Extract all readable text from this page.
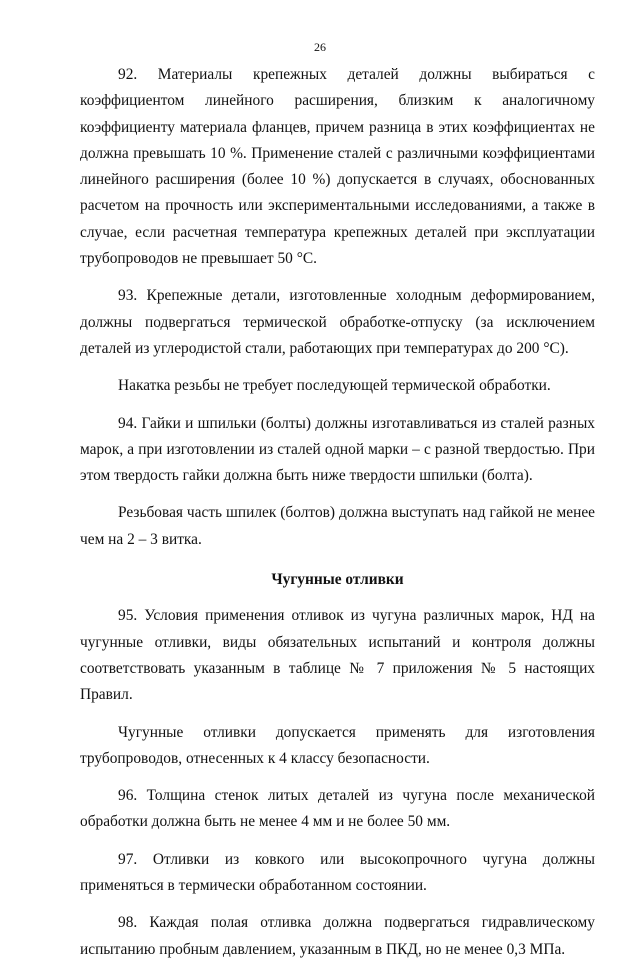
26

92. Материалы крепежных деталей должны выбираться с коэффициентом линейного расширения, близким к аналогичному коэффициенту материала фланцев, причем разница в этих коэффициентах не должна превышать 10 %. Применение сталей с различными коэффициентами линейного расширения (более 10 %) допускается в случаях, обоснованных расчетом на прочность или экспериментальными исследованиями, а также в случае, если расчетная температура крепежных деталей при эксплуатации трубопроводов не превышает 50 °С.

93. Крепежные детали, изготовленные холодным деформированием, должны подвергаться термической обработке-отпуску (за исключением деталей из углеродистой стали, работающих при температурах до 200 °С).

Накатка резьбы не требует последующей термической обработки.

94. Гайки и шпильки (болты) должны изготавливаться из сталей разных марок, а при изготовлении из сталей одной марки – с разной твердостью. При этом твердость гайки должна быть ниже твердости шпильки (болта).

Резьбовая часть шпилек (болтов) должна выступать над гайкой не менее чем на 2 – 3 витка.

Чугунные отливки

95. Условия применения отливок из чугуна различных марок, НД на чугунные отливки, виды обязательных испытаний и контроля должны соответствовать указанным в таблице № 7 приложения № 5 настоящих Правил.

Чугунные отливки допускается применять для изготовления трубопроводов, отнесенных к 4 классу безопасности.

96. Толщина стенок литых деталей из чугуна после механической обработки должна быть не менее 4 мм и не более 50 мм.

97. Отливки из ковкого или высокопрочного чугуна должны применяться в термически обработанном состоянии.

98. Каждая полая отливка должна подвергаться гидравлическому испытанию пробным давлением, указанным в ПКД, но не менее 0,3 МПа.
